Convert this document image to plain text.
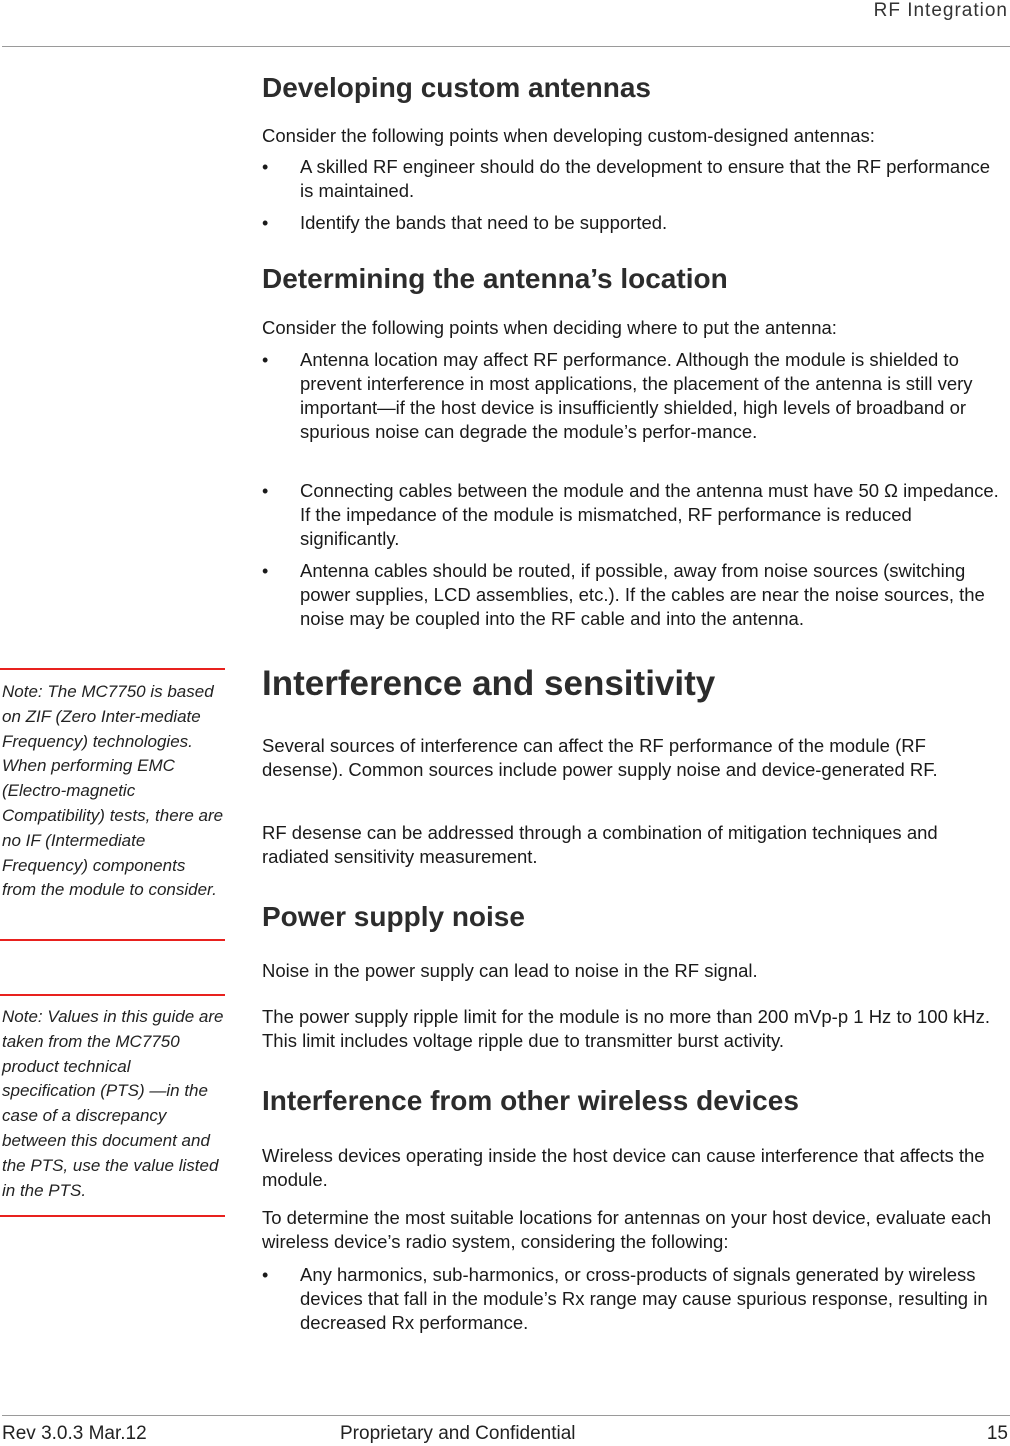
RF Integration
Developing custom antennas

Consider the following points when developing custom-designed antennas:

• A skilled RF engineer should do the development to ensure that the RF performance is maintained.

• Identify the bands that need to be supported.

Determining the antenna’s location

Consider the following points when deciding where to put the antenna:

• Antenna location may affect RF performance. Although the module is shielded to prevent interference in most applications, the placement of the antenna is still very important—if the host device is insufficiently shielded, high levels of broadband or spurious noise can degrade the module’s perfor-mance.

• Connecting cables between the module and the antenna must have 50 Ω impedance. If the impedance of the module is mismatched, RF performance is reduced significantly.

• Antenna cables should be routed, if possible, away from noise sources (switching power supplies, LCD assemblies, etc.). If the cables are near the noise sources, the noise may be coupled into the RF cable and into the antenna.

Note: The MC7750 is based on ZIF (Zero Inter-mediate Frequency) technologies. When performing EMC (Electro-magnetic Compatibility) tests, there are no IF (Intermediate Frequency) components from the module to consider.

Interference and sensitivity

Several sources of interference can affect the RF performance of the module (RF desense). Common sources include power supply noise and device-generated RF.

RF desense can be addressed through a combination of mitigation techniques and radiated sensitivity measurement.

Power supply noise

Noise in the power supply can lead to noise in the RF signal.

The power supply ripple limit for the module is no more than 200 mVp-p 1 Hz to 100 kHz. This limit includes voltage ripple due to transmitter burst activity.

Note: Values in this guide are taken from the MC7750 product technical specification (PTS) —in the case of a discrepancy between this document and the PTS, use the value listed in the PTS.

Interference from other wireless devices

Wireless devices operating inside the host device can cause interference that affects the module.

To determine the most suitable locations for antennas on your host device, evaluate each wireless device’s radio system, considering the following:

• Any harmonics, sub-harmonics, or cross-products of signals generated by wireless devices that fall in the module’s Rx range may cause spurious response, resulting in decreased Rx performance.

Rev 3.0.3 Mar.12	Proprietary and Confidential	15
